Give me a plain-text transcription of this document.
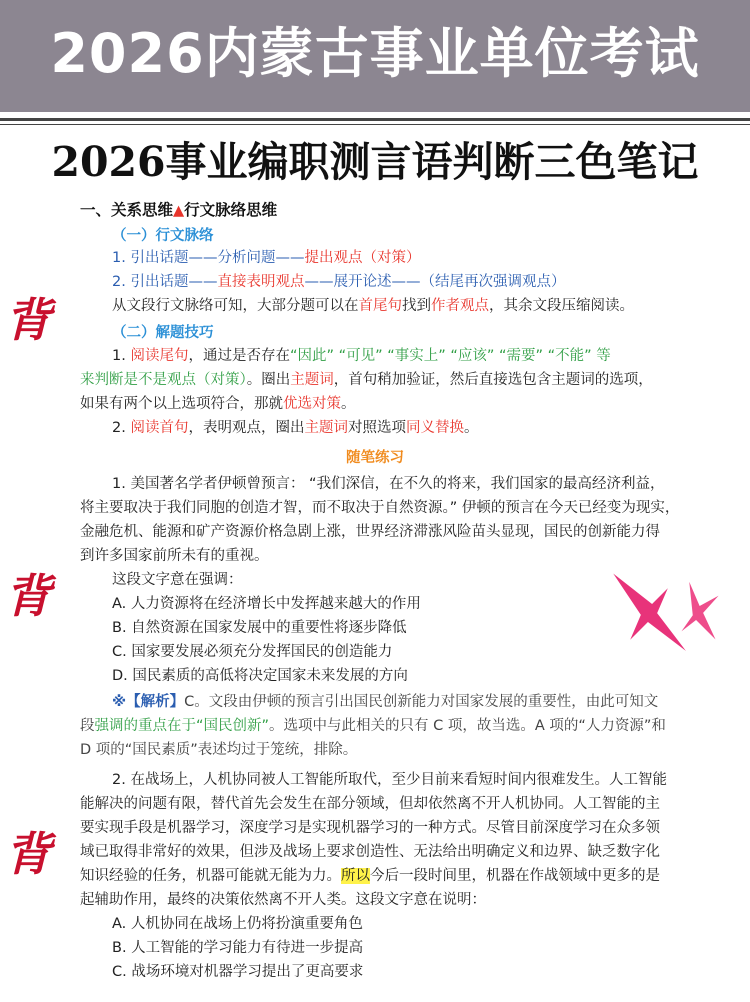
2026内蒙古事业单位考试
2026事业编职测言语判断三色笔记
背
背
背
一、关系思维▲行文脉络思维
（一）行文脉络
1. 引出话题——分析问题——提出观点（对策）
2. 引出话题——直接表明观点——展开论述——（结尾再次强调观点）
从文段行文脉络可知，大部分题可以在首尾句找到作者观点，其余文段压缩阅读。
（二）解题技巧
1. 阅读尾句，通过是否存在“因此” “可见” “事实上” “应该” “需要” “不能” 等
来判断是不是观点（对策）。圈出主题词，首句稍加验证，然后直接选包含主题词的选项，
如果有两个以上选项符合，那就优选对策。
2. 阅读首句，表明观点，圈出主题词对照选项同义替换。
随笔练习
1. 美国著名学者伊顿曾预言： “我们深信，在不久的将来，我们国家的最高经济利益，
将主要取决于我们同胞的创造才智，而不取决于自然资源。” 伊顿的预言在今天已经变为现实，
金融危机、能源和矿产资源价格急剧上涨，世界经济滞涨风险苗头显现，国民的创新能力得
到许多国家前所未有的重视。
这段文字意在强调：
A. 人力资源将在经济增长中发挥越来越大的作用
B. 自然资源在国家发展中的重要性将逐步降低
C. 国家要发展必须充分发挥国民的创造能力
D. 国民素质的高低将决定国家未来发展的方向
※【解析】C。文段由伊顿的预言引出国民创新能力对国家发展的重要性，由此可知文
段强调的重点在于“国民创新”。选项中与此相关的只有 C 项，故当选。A 项的“人力资源”和
D 项的“国民素质”表述均过于笼统，排除。
2. 在战场上，人机协同被人工智能所取代，至少目前来看短时间内很难发生。人工智能
能解决的问题有限，替代首先会发生在部分领域，但却依然离不开人机协同。人工智能的主
要实现手段是机器学习，深度学习是实现机器学习的一种方式。尽管目前深度学习在众多领
域已取得非常好的效果，但涉及战场上要求创造性、无法给出明确定义和边界、缺乏数字化
知识经验的任务，机器可能就无能为力。所以今后一段时间里，机器在作战领域中更多的是
起辅助作用，最终的决策依然离不开人类。这段文字意在说明：
A. 人机协同在战场上仍将扮演重要角色
B. 人工智能的学习能力有待进一步提高
C. 战场环境对机器学习提出了更高要求
